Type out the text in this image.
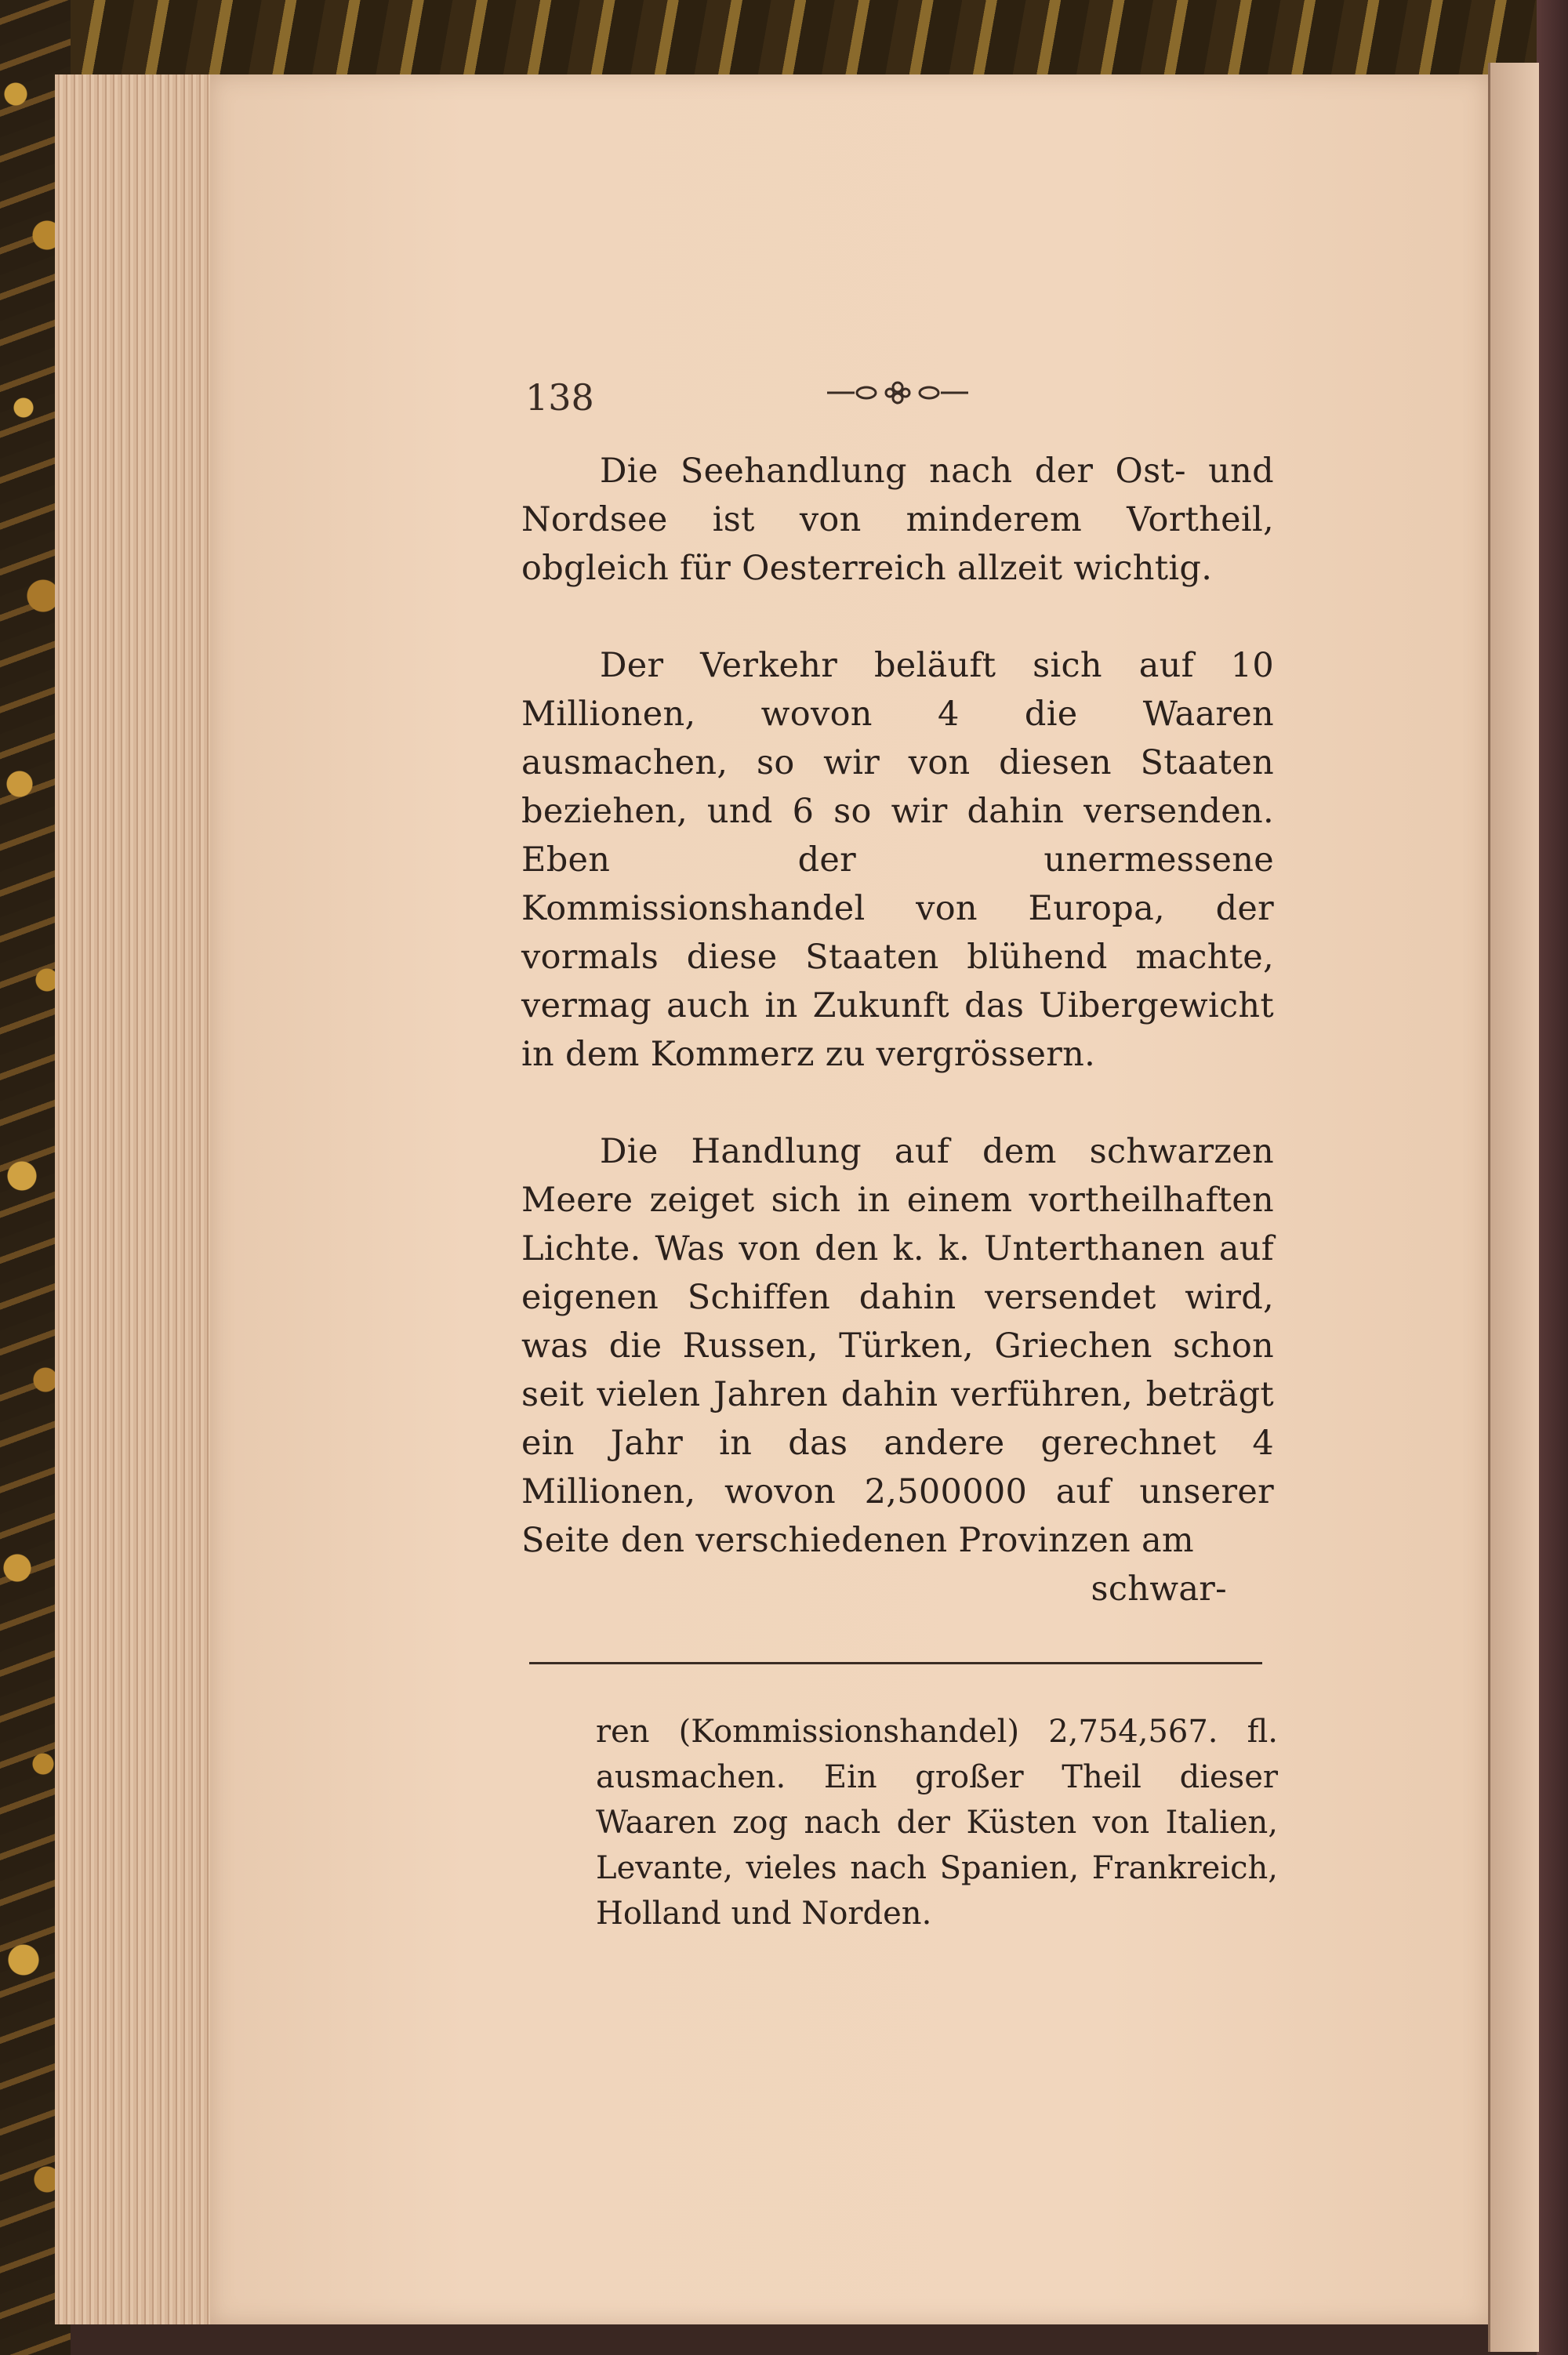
138

Die Seehandlung nach der Ost- und Nordsee ist von minderem Vortheil, obgleich für Oesterreich allzeit wichtig.

Der Verkehr beläuft sich auf 10 Millionen, wovon 4 die Waaren ausmachen, so wir von diesen Staaten beziehen, und 6 so wir dahin versenden. Eben der unermessene Kommissionshandel von Europa, der vormals diese Staaten blühend machte, vermag auch in Zukunft das Uibergewicht in dem Kommerz zu vergrössern.

Die Handlung auf dem schwarzen Meere zeiget sich in einem vortheilhaften Lichte. Was von den k. k. Unterthanen auf eigenen Schiffen dahin versendet wird, was die Russen, Türken, Griechen schon seit vielen Jahren dahin verführen, beträgt ein Jahr in das andere gerechnet 4 Millionen, wovon 2,500000 auf unserer Seite den verschiedenen Provinzen am

schwar-

ren (Kommissionshandel) 2,754,567. fl. ausmachen. Ein großer Theil dieser Waaren zog nach der Küsten von Italien, Levante, vieles nach Spanien, Frankreich, Holland und Norden.
